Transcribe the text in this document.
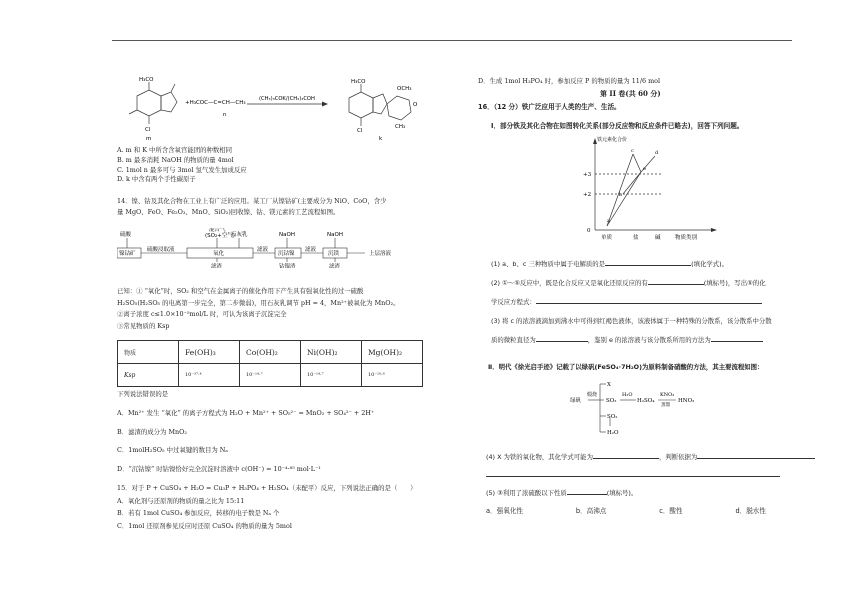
H₃CO
Cl
m
+H₃COC—C=CH—CH₃
n
(CH₃)₃COK/(CH₃)₃COH
H₃CO
OCH₃
O
Cl
CH₃
k
A. m 和 K 中所含含氧官能团的种数相同
B. m 最多消耗 NaOH 的物质的量 4mol
C. 1mol n 最多可与 3mol 氢气发生加成反应
D. k 中含有两个手性碳原子
14．镍、钴及其化合物在工业上有广泛的应用。某工厂从镍钴矿(主要成分为 NiO、CoO，含少
量 MgO、FeO、Fe₂O₃、MnO、SiO₂)回收镍、钴、镁元素的工艺流程如图。
硫酸
混合气
(SO₂+空气)
石灰乳	NaOH	NaOH
镍钴矿
硫酸浸取液
氧化
滤液
沉钴镍
滤液
沉镁	上层溶液
滤渣	钴镍渣	滤渣
已知：① “氧化”时，SO₂ 和空气在金属离子的催化作用下产生具有强氧化性的过一硫酸
H₂SO₅(H₂SO₅ 的电离第一步完全，第二步微弱)，用石灰乳调节 pH = 4，Mn²⁺被氧化为 MnO₂。
②离子浓度 c≤1.0×10⁻⁵mol/L 时，可认为该离子沉淀完全
③常见物质的 Ksp
物质	Fe(OH)₃	Co(OH)₂	Ni(OH)₂	Mg(OH)₂
Ksp	10⁻³⁷·⁴	10⁻¹⁴·⁷	10⁻¹⁴·⁷	10⁻¹⁰·⁸
下列说法错误的是
A．Mn²⁺ 发生 “氧化” 的离子方程式为 H₂O + Mn²⁺ + SO₅²⁻ = MnO₂ + SO₄²⁻ + 2H⁺
B．滤渣的成分为 MnO₂
C．1molH₂SO₅ 中过氧键的数目为 Nₐ
D．“沉钴镍” 时钴镍恰好完全沉淀时溶液中 c(OH⁻) = 10⁻⁴·⁸⁵ mol·L⁻¹
15．对于 P + CuSO₄ + H₂O = Cu₃P + H₃PO₄ + H₂SO₄（未配平）反应，下列说法正确的是（　　）
A．氧化剂与还原剂的物质的量之比为 15:11
B．若有 1mol CuSO₄ 参加反应，转移的电子数是 Nₐ 个
C．1mol 还原剂参见反应时还原 CuSO₄ 的物质的量为 5mol
D．生成 1mol H₃PO₄ 时，参加反应 P 的物质的量为 11/6 mol
第 II 卷(共 60 分)
16．（12 分）铁广泛应用于人类的生产、生活。
Ⅰ．部分铁及其化合物在如图转化关系(部分反应物和反应条件已略去)，回答下列问题。
铁元素化合价
+3
+2
0
单质	盐	碱	物质类别
a
b
c	d
e
(1) a、b、c 三种物质中属于电解质的是	(填化学式)。
(2) ①～⑤反应中，既是化合反应又是氧化还原反应的有	(填标号)，写出⑤的化
学反应方程式：
(3) 将 c 的浓溶液滴加到沸水中可得到红褐色液体，该液体属于一种特殊的分散系，该分散系中分散
质的微粒直径为	，鉴别 e 的浓溶液与该分散系所用的方法为
Ⅱ．明代《徐光启手迹》记载了以绿矾(FeSO₄·7H₂O)为原料制备硝酸的方法，其主要流程如图：
绿矾
煅烧
X
SO₃
H₂O
H₂SO₄
KNO₃
蒸馏
HNO₃
SO₂
H₂O
(4) X 为铁的氧化物，其化学式可能为	，判断依据为
(5) ③利用了浓硫酸以下性质	(填标号)。
a．强氧化性	b．高沸点	c．酸性	d．脱水性
